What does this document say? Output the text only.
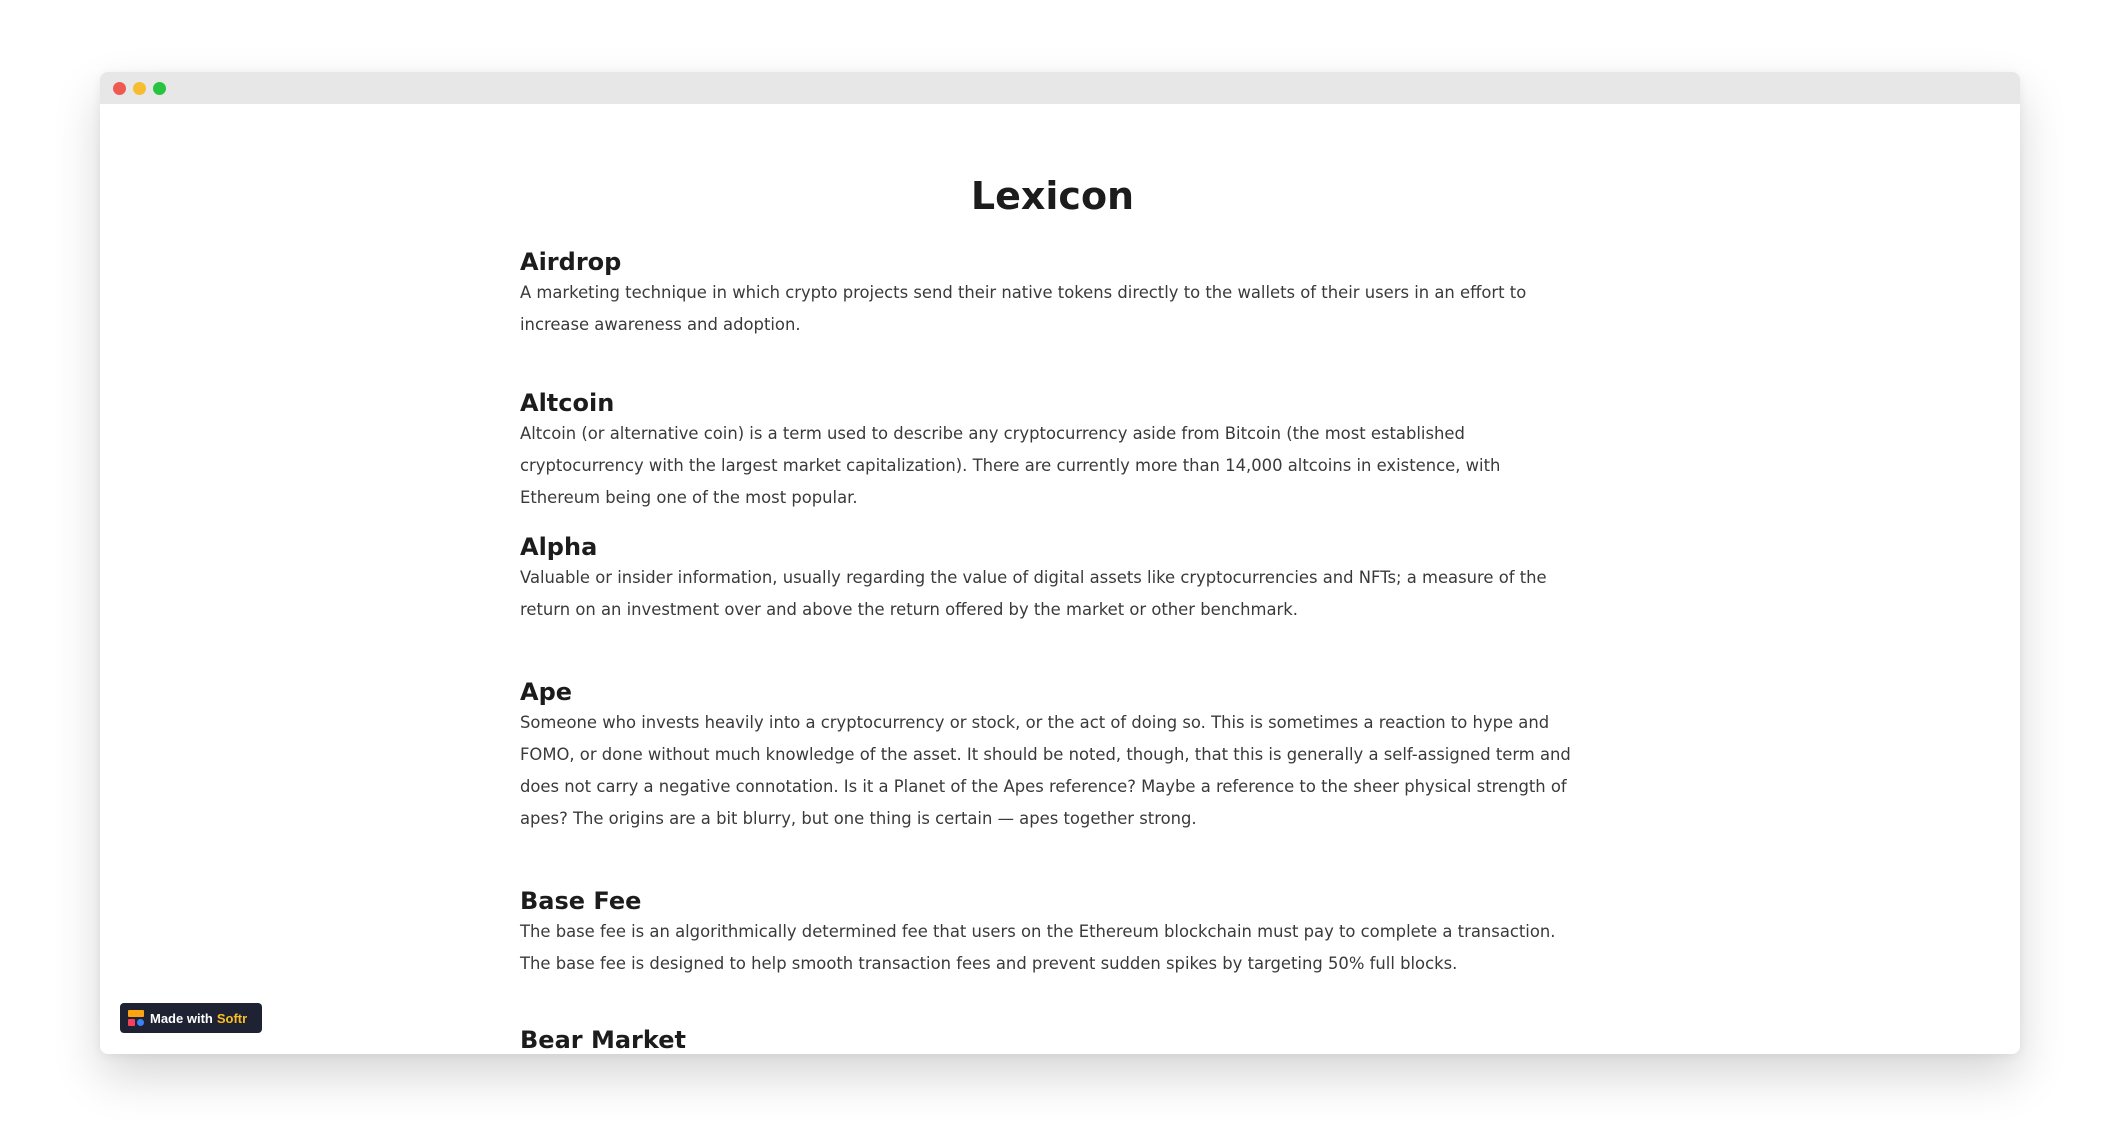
Lexicon
Airdrop

A marketing technique in which crypto projects send their native tokens directly to the wallets of their users in an effort to increase awareness and adoption.

Altcoin

Altcoin (or alternative coin) is a term used to describe any cryptocurrency aside from Bitcoin (the most established cryptocurrency with the largest market capitalization). There are currently more than 14,000 altcoins in existence, with Ethereum being one of the most popular.

Alpha

Valuable or insider information, usually regarding the value of digital assets like cryptocurrencies and NFTs; a measure of the return on an investment over and above the return offered by the market or other benchmark.

Ape

Someone who invests heavily into a cryptocurrency or stock, or the act of doing so. This is sometimes a reaction to hype and FOMO, or done without much knowledge of the asset. It should be noted, though, that this is generally a self-assigned term and does not carry a negative connotation. Is it a Planet of the Apes reference? Maybe a reference to the sheer physical strength of apes? The origins are a bit blurry, but one thing is certain — apes together strong.

Base Fee

The base fee is an algorithmically determined fee that users on the Ethereum blockchain must pay to complete a transaction. The base fee is designed to help smooth transaction fees and prevent sudden spikes by targeting 50% full blocks.

Bear Market

Made with Softr
